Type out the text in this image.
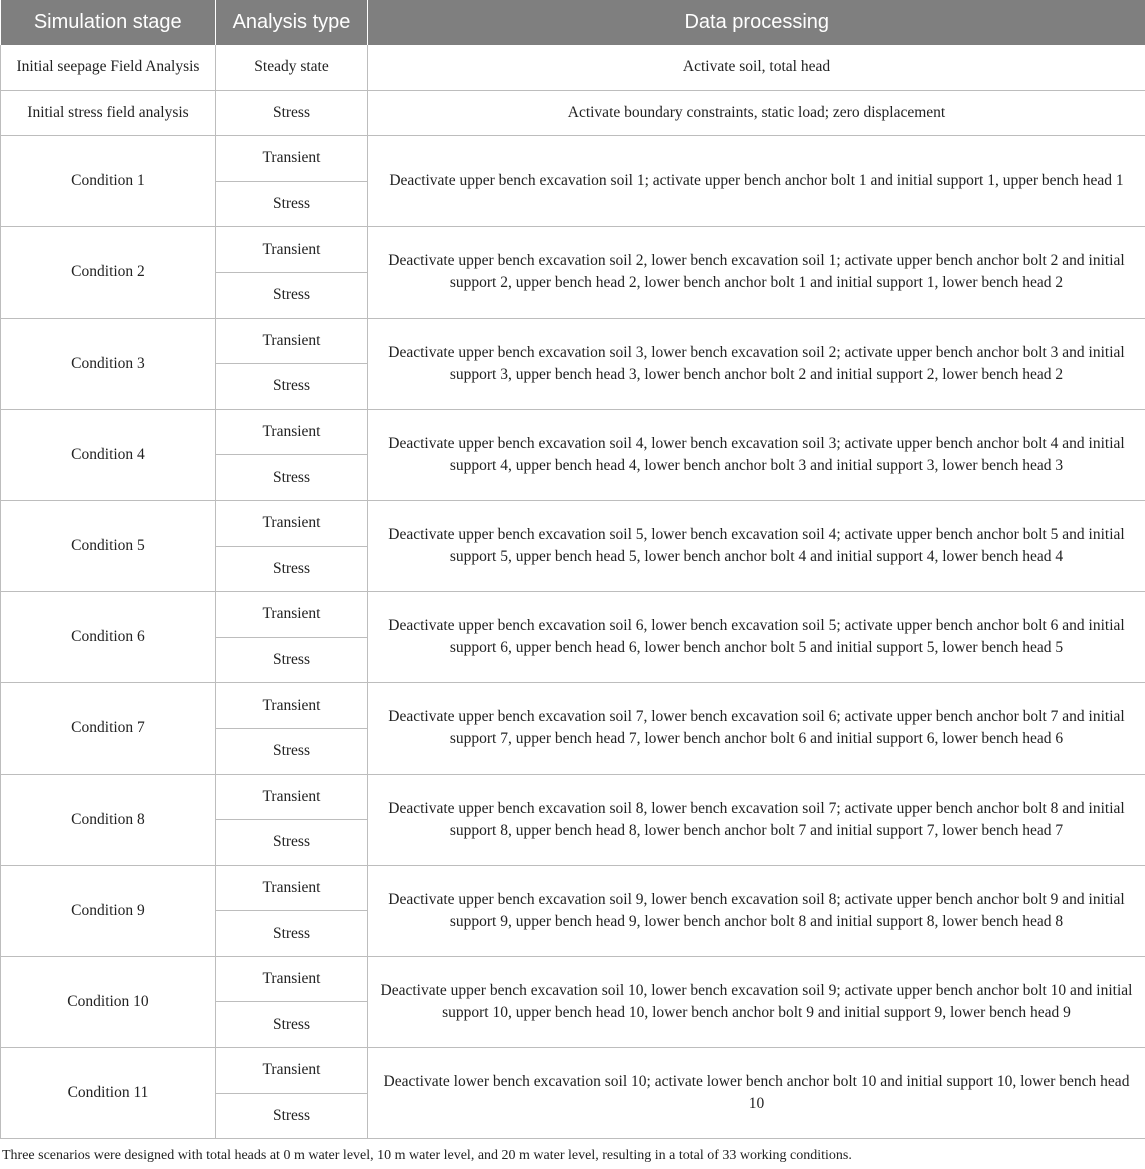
Simulation stage	Analysis type	Data processing
Initial seepage Field Analysis	Steady state	Activate soil, total head
Initial stress field analysis	Stress	Activate boundary constraints, static load; zero displacement
Condition 1	Transient	Deactivate upper bench excavation soil 1; activate upper bench anchor bolt 1 and initial support 1, upper bench head 1
	Stress	
Condition 2	Transient	Deactivate upper bench excavation soil 2, lower bench excavation soil 1; activate upper bench anchor bolt 2 and initial support 2, upper bench head 2, lower bench anchor bolt 1 and initial support 1, lower bench head 2
	Stress	
Condition 3	Transient	Deactivate upper bench excavation soil 3, lower bench excavation soil 2; activate upper bench anchor bolt 3 and initial support 3, upper bench head 3, lower bench anchor bolt 2 and initial support 2, lower bench head 2
	Stress	
Condition 4	Transient	Deactivate upper bench excavation soil 4, lower bench excavation soil 3; activate upper bench anchor bolt 4 and initial support 4, upper bench head 4, lower bench anchor bolt 3 and initial support 3, lower bench head 3
	Stress	
Condition 5	Transient	Deactivate upper bench excavation soil 5, lower bench excavation soil 4; activate upper bench anchor bolt 5 and initial support 5, upper bench head 5, lower bench anchor bolt 4 and initial support 4, lower bench head 4
	Stress	
Condition 6	Transient	Deactivate upper bench excavation soil 6, lower bench excavation soil 5; activate upper bench anchor bolt 6 and initial support 6, upper bench head 6, lower bench anchor bolt 5 and initial support 5, lower bench head 5
	Stress	
Condition 7	Transient	Deactivate upper bench excavation soil 7, lower bench excavation soil 6; activate upper bench anchor bolt 7 and initial support 7, upper bench head 7, lower bench anchor bolt 6 and initial support 6, lower bench head 6
	Stress	
Condition 8	Transient	Deactivate upper bench excavation soil 8, lower bench excavation soil 7; activate upper bench anchor bolt 8 and initial support 8, upper bench head 8, lower bench anchor bolt 7 and initial support 7, lower bench head 7
	Stress	
Condition 9	Transient	Deactivate upper bench excavation soil 9, lower bench excavation soil 8; activate upper bench anchor bolt 9 and initial support 9, upper bench head 9, lower bench anchor bolt 8 and initial support 8, lower bench head 8
	Stress	
Condition 10	Transient	Deactivate upper bench excavation soil 10, lower bench excavation soil 9; activate upper bench anchor bolt 10 and initial support 10, upper bench head 10, lower bench anchor bolt 9 and initial support 9, lower bench head 9
	Stress	
Condition 11	Transient	Deactivate lower bench excavation soil 10; activate lower bench anchor bolt 10 and initial support 10, lower bench head 10
	Stress	
Three scenarios were designed with total heads at 0 m water level, 10 m water level, and 20 m water level, resulting in a total of 33 working conditions.
